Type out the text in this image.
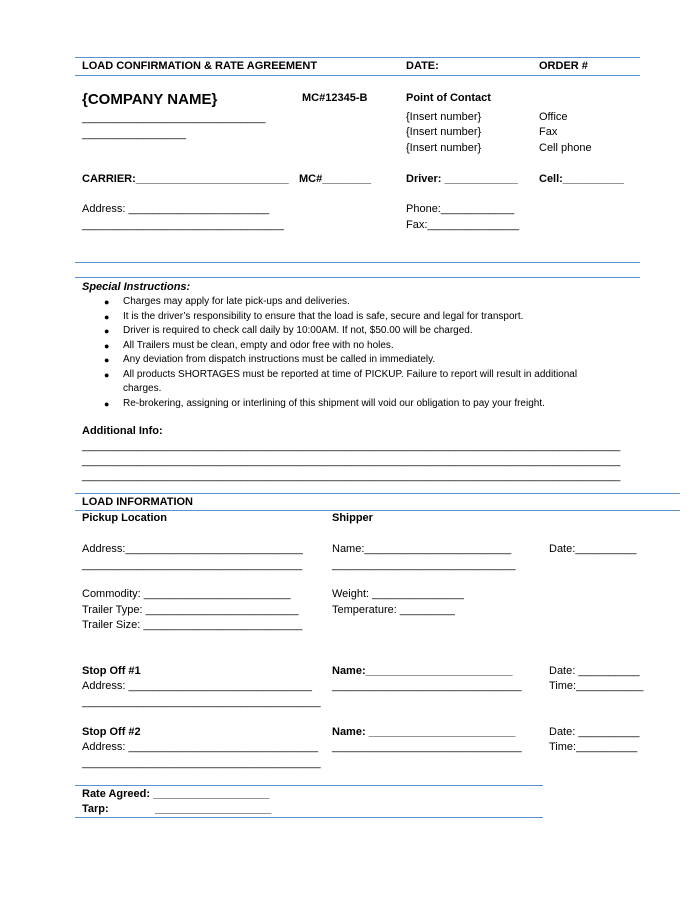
LOAD CONFIRMATION & RATE AGREEMENT	DATE:	ORDER #
{COMPANY NAME}	MC#12345-B
______________________________
_________________
Point of Contact
{Insert number}	Office
{Insert number}	Fax
{Insert number}	Cell phone
CARRIER:_________________________ MC#________	Driver: ____________ Cell:__________
Address: _______________________
_________________________________
Phone:____________
Fax:_______________
Special Instructions:
● Charges may apply for late pick-ups and deliveries.
● It is the driver’s responsibility to ensure that the load is safe, secure and legal for transport.
● Driver is required to check call daily by 10:00AM. If not, $50.00 will be charged.
● All Trailers must be clean, empty and odor free with no holes.
● Any deviation from dispatch instructions must be called in immediately.
● All products SHORTAGES must be reported at time of PICKUP. Failure to report will result in additional
charges.
● Re-brokering, assigning or interlining of this shipment will void our obligation to pay your freight.
Additional Info:
________________________________________________________________________________________
________________________________________________________________________________________
________________________________________________________________________________________
LOAD INFORMATION
Pickup Location	Shipper
Address:_____________________________
____________________________________
Name:________________________
______________________________
Date:__________
Commodity: ________________________
Trailer Type: _________________________
Trailer Size: __________________________
Weight: _______________
Temperature: _________
Stop Off #1
Address: ______________________________
_______________________________________
Name:________________________
_______________________________
Date: __________
Time:___________
Stop Off #2
Address: _______________________________
_______________________________________
Name: ________________________
_______________________________
Date: __________
Time:__________
Rate Agreed: ___________________
Tarp:	___________________
